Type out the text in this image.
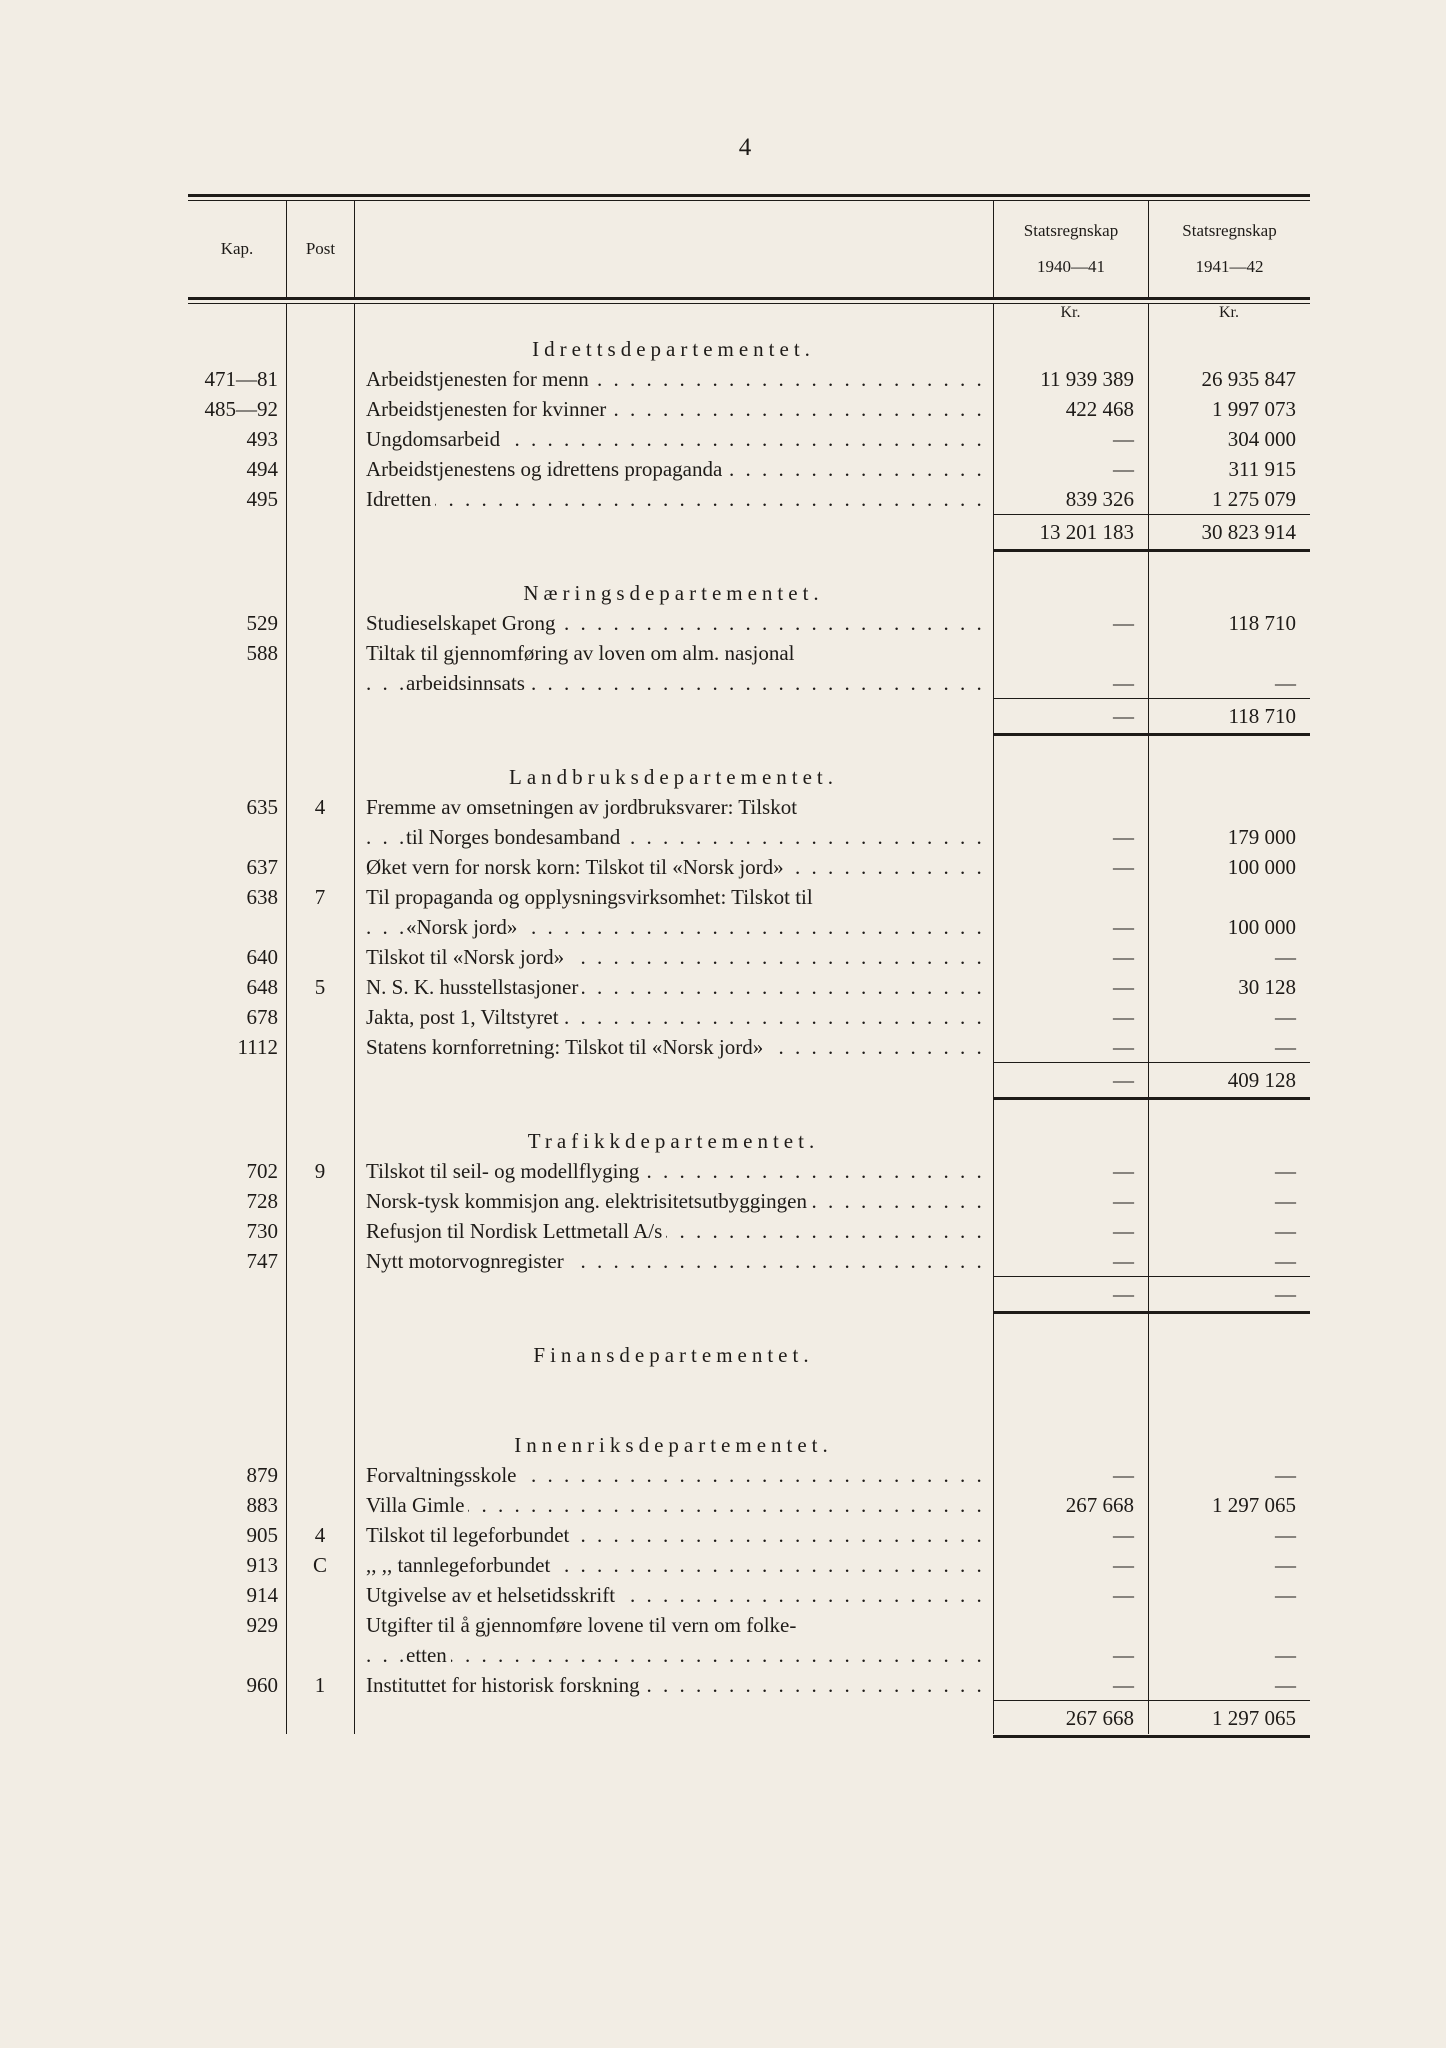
4
Kap.	Post
Statsregnskap
1940—41
Statsregnskap
1941—42
Kr.	Kr.
Idrettsdepartementet.
471—81	Arbeidstjenesten for menn . . .	11 939 389	26 935 847
485—92	Arbeidstjenesten for kvinner . . .	422 468	1 997 073
493	Ungdomsarbeid . . .	—	304 000
494	Arbeidstjenestens og idrettens propaganda . . .	—	311 915
495	Idretten . . .	839 326	1 275 079
13 201 183	30 823 914
Næringsdepartementet.
529	Studieselskapet Grong . . .	—	118 710
588	Tiltak til gjennomføring av loven om alm. nasjonal
arbeidsinnsats . . .	—	—
—	118 710
Landbruksdepartementet.
635	4	Fremme av omsetningen av jordbruksvarer: Tilskot
til Norges bondesamband . . .	—	179 000
637	Øket vern for norsk korn: Tilskot til «Norsk jord» . . .	—	100 000
638	7	Til propaganda og opplysningsvirksomhet: Tilskot til
«Norsk jord» . . .	—	100 000
640	Tilskot til «Norsk jord» . . .	—	—
648	5	N. S. K. husstellstasjoner . . .	—	30 128
678	Jakta, post 1, Viltstyret . . .	—	—
1112	Statens kornforretning: Tilskot til «Norsk jord» . . .	—	—
—	409 128
Trafikkdepartementet.
702	9	Tilskot til seil- og modellflyging . . .	—	—
728	Norsk-tysk kommisjon ang. elektrisitetsutbyggingen . . .	—	—
730	Refusjon til Nordisk Lettmetall A/s . . .	—	—
747	Nytt motorvognregister . . .	—	—
—	—
Finansdepartementet.
Innenriksdepartementet.
879	Forvaltningsskole . . .	—	—
883	Villa Gimle . . .	267 668	1 297 065
905	4	Tilskot til legeforbundet . . .	—	—
913	C	,, ,, tannlegeforbundet . . .	—	—
914	Utgivelse av et helsetidsskrift . . .	—	—
929	Utgifter til å gjennomføre lovene til vern om folke-
etten . . .	—	—
960	1	Instituttet for historisk forskning . . .	—	—
267 668	1 297 065
